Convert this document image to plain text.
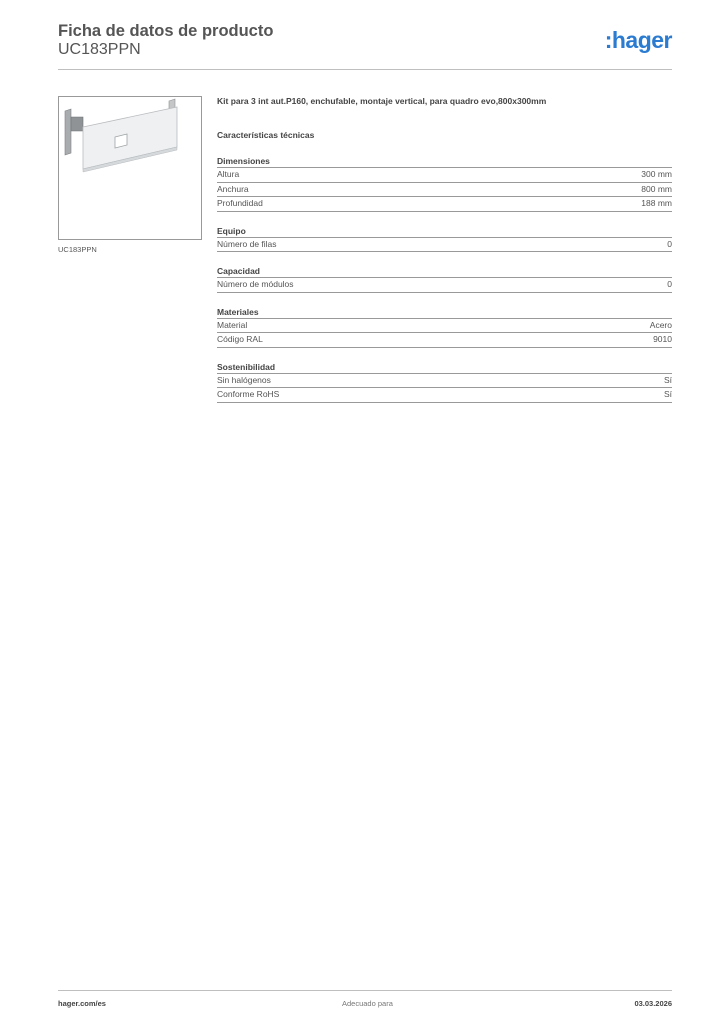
Ficha de datos de producto
UC183PPN	:hager
UC183PPN
Kit para 3 int aut.P160, enchufable, montaje vertical, para quadro evo,800x300mm
Características técnicas
Dimensiones
Altura	300 mm
Anchura	800 mm
Profundidad	188 mm
Equipo
Número de filas	0
Capacidad
Número de módulos	0
Materiales
Material	Acero
Código RAL	9010
Sostenibilidad
Sin halógenos	Sí
Conforme RoHS	Sí
hager.com/es	Adecuado para	03.03.2026
